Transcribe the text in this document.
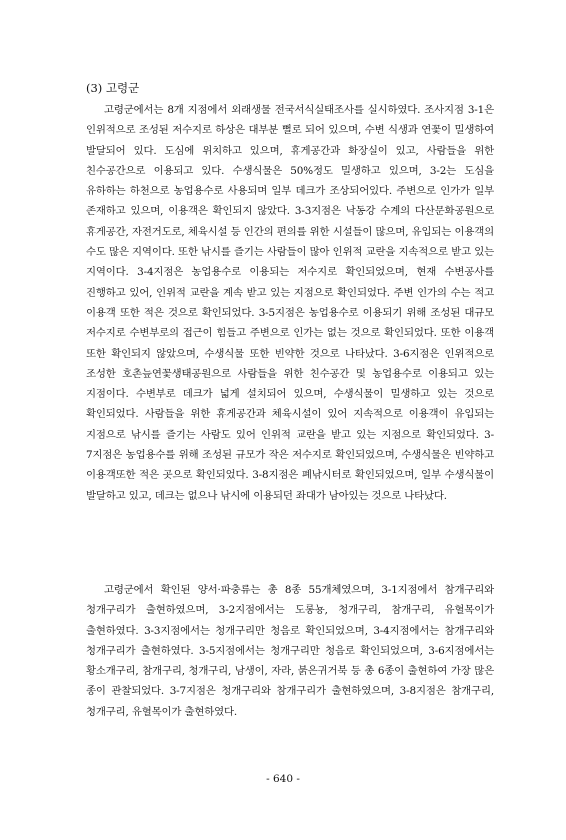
(3) 고령군

고령군에서는 8개 지점에서 외래생물 전국서식실태조사를 실시하였다. 조사지점 3-1은 인위적으로 조성된 저수지로 하상은 대부분 뻘로 되어 있으며, 수변 식생과 연꽃이 밀생하여 발달되어 있다. 도심에 위치하고 있으며, 휴게공간과 화장실이 있고, 사람들을 위한 친수공간으로 이용되고 있다. 수생식물은 50%정도 밀생하고 있으며, 3-2는 도심을 유하하는 하천으로 농업용수로 사용되며 일부 데크가 조상되어있다. 주변으로 인가가 일부 존재하고 있으며, 이용객은 확인되지 않았다. 3-3지점은 낙동강 수계의 다산문화공원으로 휴게공간, 자전거도로, 체육시설 등 인간의 편의를 위한 시설들이 많으며, 유입되는 이용객의 수도 많은 지역이다. 또한 낚시를 즐기는 사람들이 많아 인위적 교란을 지속적으로 받고 있는 지역이다. 3-4지점은 농업용수로 이용되는 저수지로 확인되었으며, 현재 수변공사를 진행하고 있어, 인위적 교란을 계속 받고 있는 지점으로 확인되었다. 주변 인가의 수는 적고 이용객 또한 적은 것으로 확인되었다. 3-5지점은 농업용수로 이용되기 위해 조성된 대규모 저수지로 수변부로의 접근이 힘들고 주변으로 인가는 없는 것으로 확인되었다. 또한 이용객 또한 확인되지 않았으며, 수생식물 또한 빈약한 것으로 나타났다. 3-6지점은 인위적으로 조성한 호촌늪연꽃생태공원으로 사람들을 위한 친수공간 및 농업용수로 이용되고 있는 지점이다. 수변부로 데크가 넓게 설치되어 있으며, 수생식물이 밀생하고 있는 것으로 확인되었다. 사람들을 위한 휴게공간과 체육시설이 있어 지속적으로 이용객이 유입되는 지점으로 낚시를 즐기는 사람도 있어 인위적 교란을 받고 있는 지점으로 확인되었다. 3-7지점은 농업용수를 위해 조성된 규모가 작은 저수지로 확인되었으며, 수생식물은 빈약하고 이용객또한 적은 곳으로 확인되었다. 3-8지점은 폐낚시터로 확인되었으며, 일부 수생식물이 발달하고 있고, 데크는 없으나 낚시에 이용되던 좌대가 남아있는 것으로 나타났다.

고령군에서 확인된 양서·파충류는 총 8종 55개체였으며, 3-1지점에서 참개구리와 청개구리가 출현하였으며, 3-2지점에서는 도롱뇽, 청개구리, 참개구리, 유혈목이가 출현하였다. 3-3지점에서는 청개구리만 청음로 확인되었으며, 3-4지점에서는 참개구리와 청개구리가 출현하였다. 3-5지점에서는 청개구리만 청음로 확인되었으며, 3-6지점에서는 황소개구리, 참개구리, 청개구리, 남생이, 자라, 붉은귀거북 등 총 6종이 출현하여 가장 많은 종이 관찰되었다. 3-7지점은 청개구리와 참개구리가 출현하였으며, 3-8지점은 참개구리, 청개구리, 유혈목이가 출현하였다.

- 640 -
